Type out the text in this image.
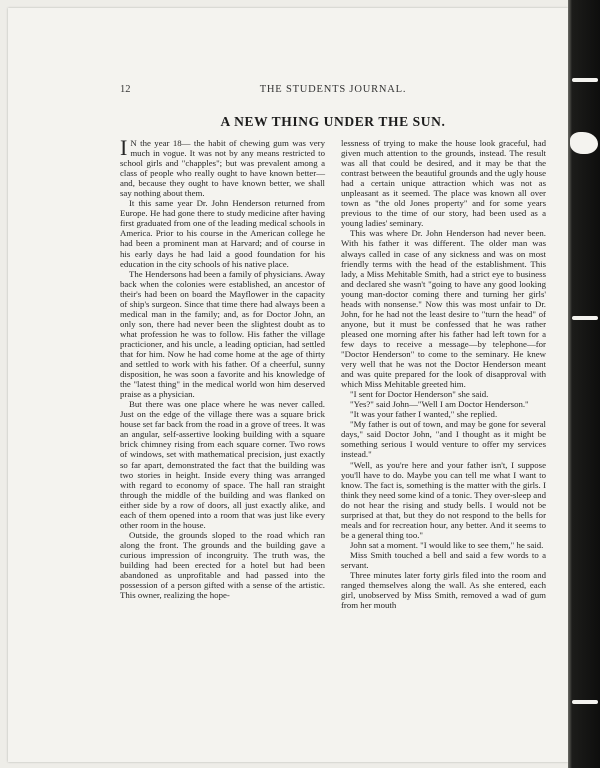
12	THE STUDENTS JOURNAL.
A NEW THING UNDER THE SUN.

I N the year 18— the habit of chewing gum was very much in vogue. It was not by any means restricted to school girls and "chapples"; but was prevalent among a class of people who really ought to have known better—and, because they ought to have known better, we shall say nothing about them.

It this same year Dr. John Henderson returned from Europe. He had gone there to study medicine after having first graduated from one of the leading medical schools in America. Prior to his course in the American college he had been a prominent man at Harvard; and of course in his early days he had laid a good foundation for his education in the city schools of his native place.

The Hendersons had been a family of physicians. Away back when the colonies were established, an ancestor of their's had been on board the Mayflower in the capacity of ship's surgeon. Since that time there had always been a medical man in the family; and, as for Doctor John, an only son, there had never been the slightest doubt as to what profession he was to follow. His father the village practicioner, and his uncle, a leading optician, had settled that for him. Now he had come home at the age of thirty and settled to work with his father. Of a cheerful, sunny disposition, he was soon a favorite and his knowledge of the "latest thing" in the medical world won him deserved praise as a physician.

But there was one place where he was never called. Just on the edge of the village there was a square brick house set far back from the road in a grove of trees. It was an angular, self-assertive looking building with a square brick chimney rising from each square corner. Two rows of windows, set with mathematical precision, just exactly so far apart, demonstrated the fact that the building was two stories in height. Inside every thing was arranged with regard to economy of space. The hall ran straight through the middle of the building and was flanked on either side by a row of doors, all just exactly alike, and each of them opened into a room that was just like every other room in the house.

Outside, the grounds sloped to the road which ran along the front. The grounds and the building gave a curious impression of incongruity. The truth was, the building had been erected for a hotel but had been abandoned as unprofitable and had passed into the possession of a person gifted with a sense of the artistic. This owner, realizing the hope-

lessness of trying to make the house look graceful, had given much attention to the grounds, instead. The result was all that could be desired, and it may be that the contrast between the beautiful grounds and the ugly house had a certain unique attraction which was not as unpleasant as it seemed. The place was known all over town as "the old Jones property" and for some years previous to the time of our story, had been used as a young ladies' seminary.

This was where Dr. John Henderson had never been. With his father it was different. The older man was always called in case of any sickness and was on most friendly terms with the head of the establishment. This lady, a Miss Mehitable Smith, had a strict eye to business and declared she wasn't "going to have any good looking young man-doctor coming there and turning her girls' heads with nonsense." Now this was most unfair to Dr. John, for he had not the least desire to "turn the head" of anyone, but it must be confessed that he was rather pleased one morning after his father had left town for a few days to receive a message—by telephone—for "Doctor Henderson" to come to the seminary. He knew very well that he was not the Doctor Henderson meant and was quite prepared for the look of disapproval with which Miss Mehitable greeted him.

"I sent for Doctor Henderson" she said.

"Yes?" said John—"Well I am Doctor Henderson."

"It was your father I wanted," she replied.

"My father is out of town, and may be gone for several days," said Doctor John, "and I thought as it might be something serious I would venture to offer my services instead."

"Well, as you're here and your father isn't, I suppose you'll have to do. Maybe you can tell me what I want to know. The fact is, something is the matter with the girls. I think they need some kind of a tonic. They over-sleep and do not hear the rising and study bells. I would not be surprised at that, but they do not respond to the bells for meals and for recreation hour, any better. And it seems to be a general thing too."

John sat a moment. "I would like to see them," he said.

Miss Smith touched a bell and said a few words to a servant.

Three minutes later forty girls filed into the room and ranged themselves along the wall. As she entered, each girl, unobserved by Miss Smith, removed a wad of gum from her mouth
